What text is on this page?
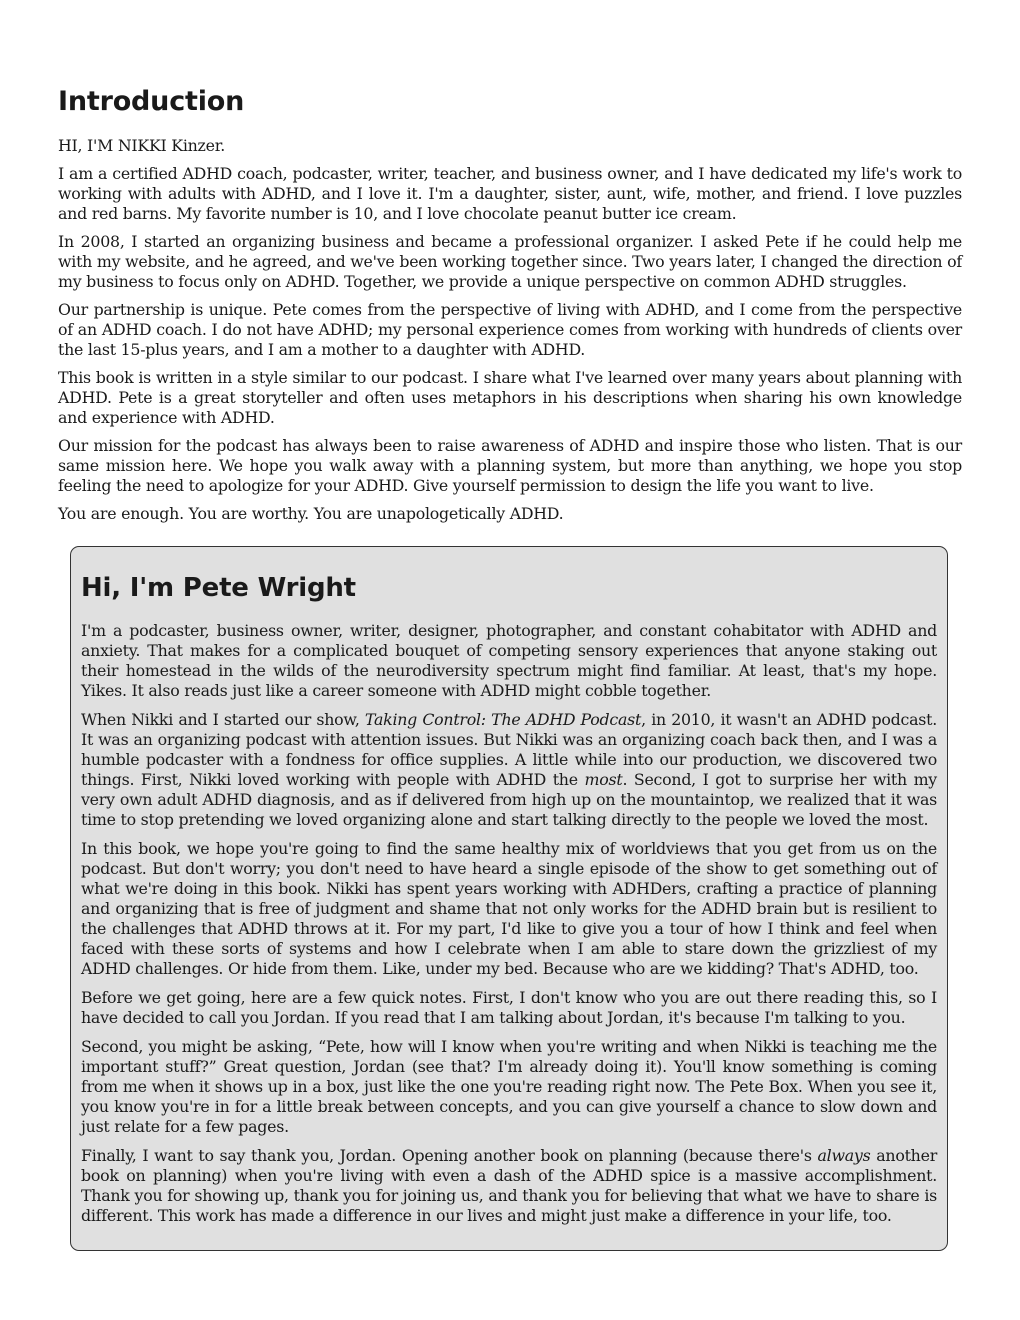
Introduction

HI, I'M NIKKI Kinzer.

I am a certified ADHD coach, podcaster, writer, teacher, and business owner, and I have dedicated my life's work to working with adults with ADHD, and I love it. I'm a daughter, sister, aunt, wife, mother, and friend. I love puzzles and red barns. My favorite number is 10, and I love chocolate peanut butter ice cream.

In 2008, I started an organizing business and became a professional organizer. I asked Pete if he could help me with my website, and he agreed, and we've been working together since. Two years later, I changed the direction of my business to focus only on ADHD. Together, we provide a unique perspective on common ADHD struggles.

Our partnership is unique. Pete comes from the perspective of living with ADHD, and I come from the perspective of an ADHD coach. I do not have ADHD; my personal experience comes from working with hundreds of clients over the last 15-plus years, and I am a mother to a daughter with ADHD.

This book is written in a style similar to our podcast. I share what I've learned over many years about planning with ADHD. Pete is a great storyteller and often uses metaphors in his descriptions when sharing his own knowledge and experience with ADHD.

Our mission for the podcast has always been to raise awareness of ADHD and inspire those who listen. That is our same mission here. We hope you walk away with a planning system, but more than anything, we hope you stop feeling the need to apologize for your ADHD. Give yourself permission to design the life you want to live.

You are enough. You are worthy. You are unapologetically ADHD.

Hi, I'm Pete Wright

I'm a podcaster, business owner, writer, designer, photographer, and constant cohabitator with ADHD and anxiety. That makes for a complicated bouquet of competing sensory experiences that anyone staking out their homestead in the wilds of the neurodiversity spectrum might find familiar. At least, that's my hope. Yikes. It also reads just like a career someone with ADHD might cobble together.

When Nikki and I started our show, Taking Control: The ADHD Podcast, in 2010, it wasn't an ADHD podcast. It was an organizing podcast with attention issues. But Nikki was an organizing coach back then, and I was a humble podcaster with a fondness for office supplies. A little while into our production, we discovered two things. First, Nikki loved working with people with ADHD the most. Second, I got to surprise her with my very own adult ADHD diagnosis, and as if delivered from high up on the mountaintop, we realized that it was time to stop pretending we loved organizing alone and start talking directly to the people we loved the most.

In this book, we hope you're going to find the same healthy mix of worldviews that you get from us on the podcast. But don't worry; you don't need to have heard a single episode of the show to get something out of what we're doing in this book. Nikki has spent years working with ADHDers, crafting a practice of planning and organizing that is free of judgment and shame that not only works for the ADHD brain but is resilient to the challenges that ADHD throws at it. For my part, I'd like to give you a tour of how I think and feel when faced with these sorts of systems and how I celebrate when I am able to stare down the grizzliest of my ADHD challenges. Or hide from them. Like, under my bed. Because who are we kidding? That's ADHD, too.

Before we get going, here are a few quick notes. First, I don't know who you are out there reading this, so I have decided to call you Jordan. If you read that I am talking about Jordan, it's because I'm talking to you.

Second, you might be asking, “Pete, how will I know when you're writing and when Nikki is teaching me the important stuff?” Great question, Jordan (see that? I'm already doing it). You'll know something is coming from me when it shows up in a box, just like the one you're reading right now. The Pete Box. When you see it, you know you're in for a little break between concepts, and you can give yourself a chance to slow down and just relate for a few pages.

Finally, I want to say thank you, Jordan. Opening another book on planning (because there's always another book on planning) when you're living with even a dash of the ADHD spice is a massive accomplishment. Thank you for showing up, thank you for joining us, and thank you for believing that what we have to share is different. This work has made a difference in our lives and might just make a difference in your life, too.
